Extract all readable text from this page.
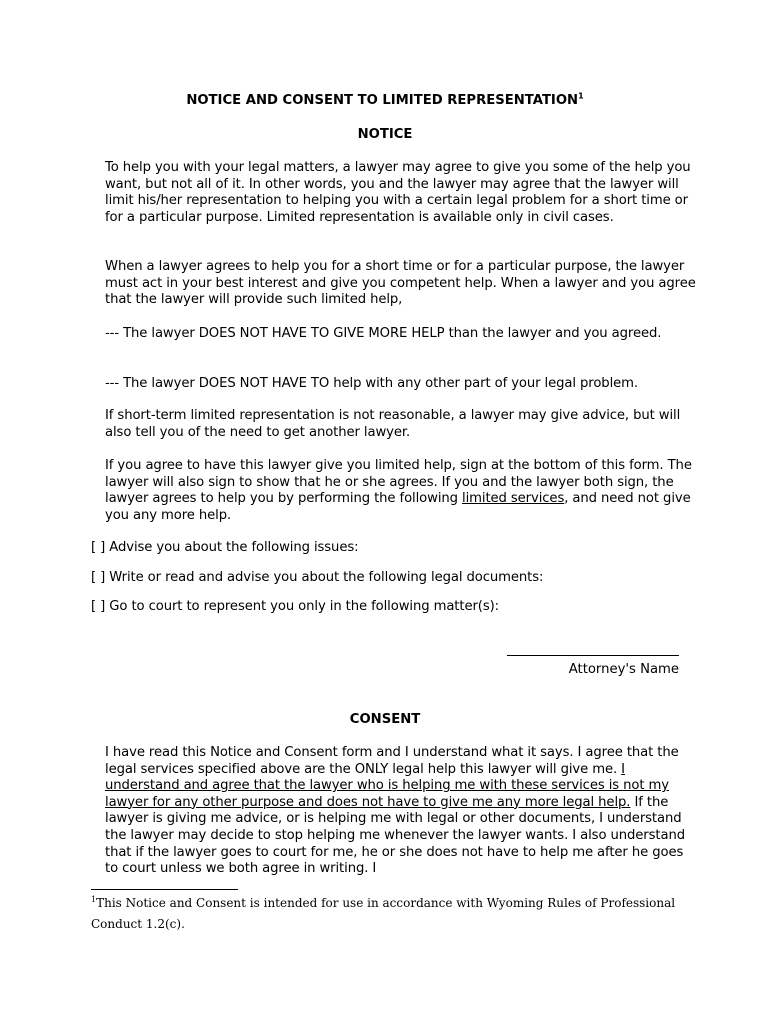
NOTICE AND CONSENT TO LIMITED REPRESENTATION$^1$
NOTICE
To help you with your legal matters, a lawyer may agree to give you some of the help you want, but not all of it. In other words, you and the lawyer may agree that the lawyer will limit his/her representation to helping you with a certain legal problem for a short time or for a particular purpose. Limited representation is available only in civil cases.
When a lawyer agrees to help you for a short time or for a particular purpose, the lawyer must act in your best interest and give you competent help. When a lawyer and you agree that the lawyer will provide such limited help,
--- The lawyer DOES NOT HAVE TO GIVE MORE HELP than the lawyer and you agreed.
--- The lawyer DOES NOT HAVE TO help with any other part of your legal problem.
If short-term limited representation is not reasonable, a lawyer may give advice, but will also tell you of the need to get another lawyer.
If you agree to have this lawyer give you limited help, sign at the bottom of this form. The lawyer will also sign to show that he or she agrees. If you and the lawyer both sign, the lawyer agrees to help you by performing the following limited services, and need not give you any more help.
[ ] Advise you about the following issues:
[ ] Write or read and advise you about the following legal documents:
[ ] Go to court to represent you only in the following matter(s):
Attorney's Name
CONSENT
I have read this Notice and Consent form and I understand what it says. I agree that the legal services specified above are the ONLY legal help this lawyer will give me. I understand and agree that the lawyer who is helping me with these services is not my lawyer for any other purpose and does not have to give me any more legal help. If the lawyer is giving me advice, or is helping me with legal or other documents, I understand the lawyer may decide to stop helping me whenever the lawyer wants. I also understand that if the lawyer goes to court for me, he or she does not have to help me after he goes to court unless we both agree in writing. I
$^1$This Notice and Consent is intended for use in accordance with Wyoming Rules of Professional Conduct 1.2(c).
